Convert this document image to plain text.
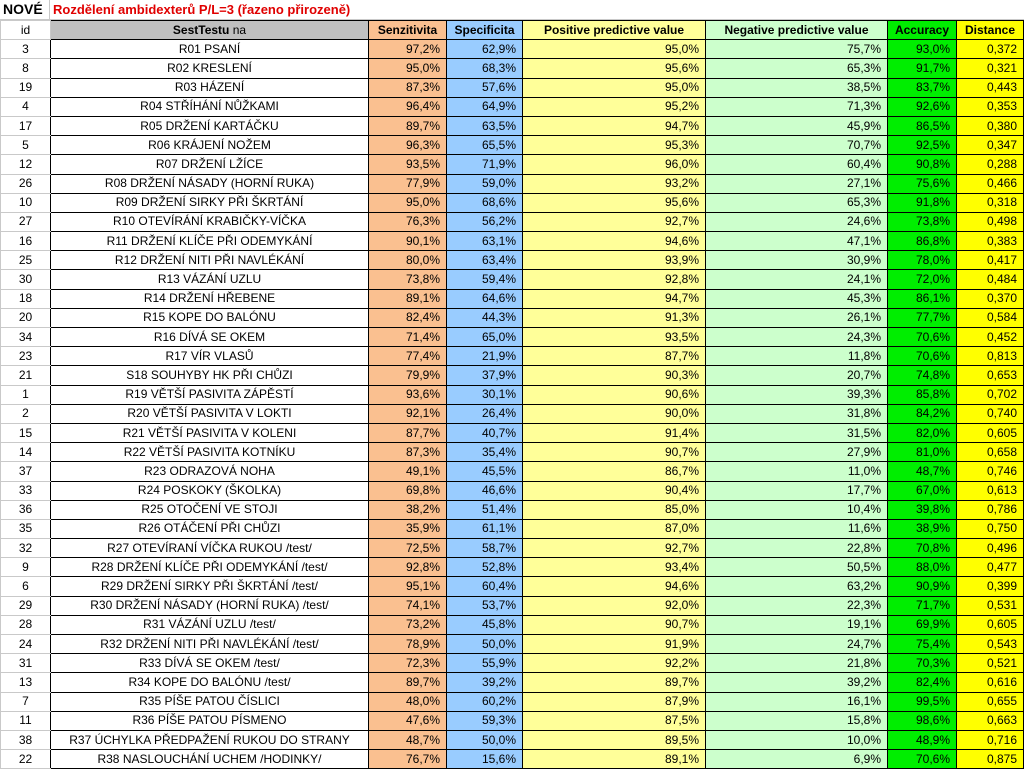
NOVÉ Rozdělení ambidexterů P/L=3 (řazeno přirozeně)
id	SestTestu na	Senzitivita	Specificita	Positive predictive value	Negative predictive value	Accuracy	Distance
3	R01 PSANÍ	97,2%	62,9%	95,0%	75,7%	93,0%	0,372
8	R02 KRESLENÍ	95,0%	68,3%	95,6%	65,3%	91,7%	0,321
19	R03 HÁZENÍ	87,3%	57,6%	95,0%	38,5%	83,7%	0,443
4	R04 STŘÍHÁNÍ NŮŽKAMI	96,4%	64,9%	95,2%	71,3%	92,6%	0,353
17	R05 DRŽENÍ KARTÁČKU	89,7%	63,5%	94,7%	45,9%	86,5%	0,380
5	R06 KRÁJENÍ NOŽEM	96,3%	65,5%	95,3%	70,7%	92,5%	0,347
12	R07 DRŽENÍ LŽÍCE	93,5%	71,9%	96,0%	60,4%	90,8%	0,288
26	R08 DRŽENÍ NÁSADY (HORNÍ RUKA)	77,9%	59,0%	93,2%	27,1%	75,6%	0,466
10	R09 DRŽENÍ SIRKY PŘI ŠKRTÁNÍ	95,0%	68,6%	95,6%	65,3%	91,8%	0,318
27	R10 OTEVÍRÁNÍ KRABIČKY-VÍČKA	76,3%	56,2%	92,7%	24,6%	73,8%	0,498
16	R11 DRŽENÍ KLÍČE PŘI ODEMYKÁNÍ	90,1%	63,1%	94,6%	47,1%	86,8%	0,383
25	R12 DRŽENÍ NITI PŘI NAVLÉKÁNÍ	80,0%	63,4%	93,9%	30,9%	78,0%	0,417
30	R13 VÁZÁNÍ UZLU	73,8%	59,4%	92,8%	24,1%	72,0%	0,484
18	R14 DRŽENÍ HŘEBENE	89,1%	64,6%	94,7%	45,3%	86,1%	0,370
20	R15 KOPE DO BALÓNU	82,4%	44,3%	91,3%	26,1%	77,7%	0,584
34	R16 DÍVÁ SE OKEM	71,4%	65,0%	93,5%	24,3%	70,6%	0,452
23	R17 VÍR VLASŮ	77,4%	21,9%	87,7%	11,8%	70,6%	0,813
21	S18 SOUHYBY HK PŘI CHŮZI	79,9%	37,9%	90,3%	20,7%	74,8%	0,653
1	R19 VĚTŠÍ PASIVITA ZÁPĚSTÍ	93,6%	30,1%	90,6%	39,3%	85,8%	0,702
2	R20 VĚTŠÍ PASIVITA V LOKTI	92,1%	26,4%	90,0%	31,8%	84,2%	0,740
15	R21 VĚTŠÍ PASIVITA V KOLENI	87,7%	40,7%	91,4%	31,5%	82,0%	0,605
14	R22 VĚTŠÍ PASIVITA KOTNÍKU	87,3%	35,4%	90,7%	27,9%	81,0%	0,658
37	R23 ODRAZOVÁ NOHA	49,1%	45,5%	86,7%	11,0%	48,7%	0,746
33	R24 POSKOKY (ŠKOLKA)	69,8%	46,6%	90,4%	17,7%	67,0%	0,613
36	R25 OTOČENÍ VE STOJI	38,2%	51,4%	85,0%	10,4%	39,8%	0,786
35	R26 OTÁČENÍ PŘI CHŮZI	35,9%	61,1%	87,0%	11,6%	38,9%	0,750
32	R27 OTEVÍRANÍ VÍČKA RUKOU /test/	72,5%	58,7%	92,7%	22,8%	70,8%	0,496
9	R28 DRŽENÍ KLÍČE PŘI ODEMYKÁNÍ /test/	92,8%	52,8%	93,4%	50,5%	88,0%	0,477
6	R29 DRŽENÍ SIRKY PŘI ŠKRTÁNÍ /test/	95,1%	60,4%	94,6%	63,2%	90,9%	0,399
29	R30 DRŽENÍ NÁSADY (HORNÍ RUKA) /test/	74,1%	53,7%	92,0%	22,3%	71,7%	0,531
28	R31 VÁZÁNÍ UZLU /test/	73,2%	45,8%	90,7%	19,1%	69,9%	0,605
24	R32 DRŽENÍ NITI PŘI NAVLÉKÁNÍ /test/	78,9%	50,0%	91,9%	24,7%	75,4%	0,543
31	R33 DÍVÁ SE OKEM /test/	72,3%	55,9%	92,2%	21,8%	70,3%	0,521
13	R34 KOPE DO BALÓNU /test/	89,7%	39,2%	89,7%	39,2%	82,4%	0,616
7	R35 PÍŠE PATOU ČÍSLICI	48,0%	60,2%	87,9%	16,1%	99,5%	0,655
11	R36 PÍŠE PATOU PÍSMENO	47,6%	59,3%	87,5%	15,8%	98,6%	0,663
38	R37 ÚCHYLKA PŘEDPAŽENÍ RUKOU DO STRANY	48,7%	50,0%	89,5%	10,0%	48,9%	0,716
22	R38 NASLOUCHÁNÍ UCHEM /HODINKY/	76,7%	15,6%	89,1%	6,9%	70,6%	0,875
